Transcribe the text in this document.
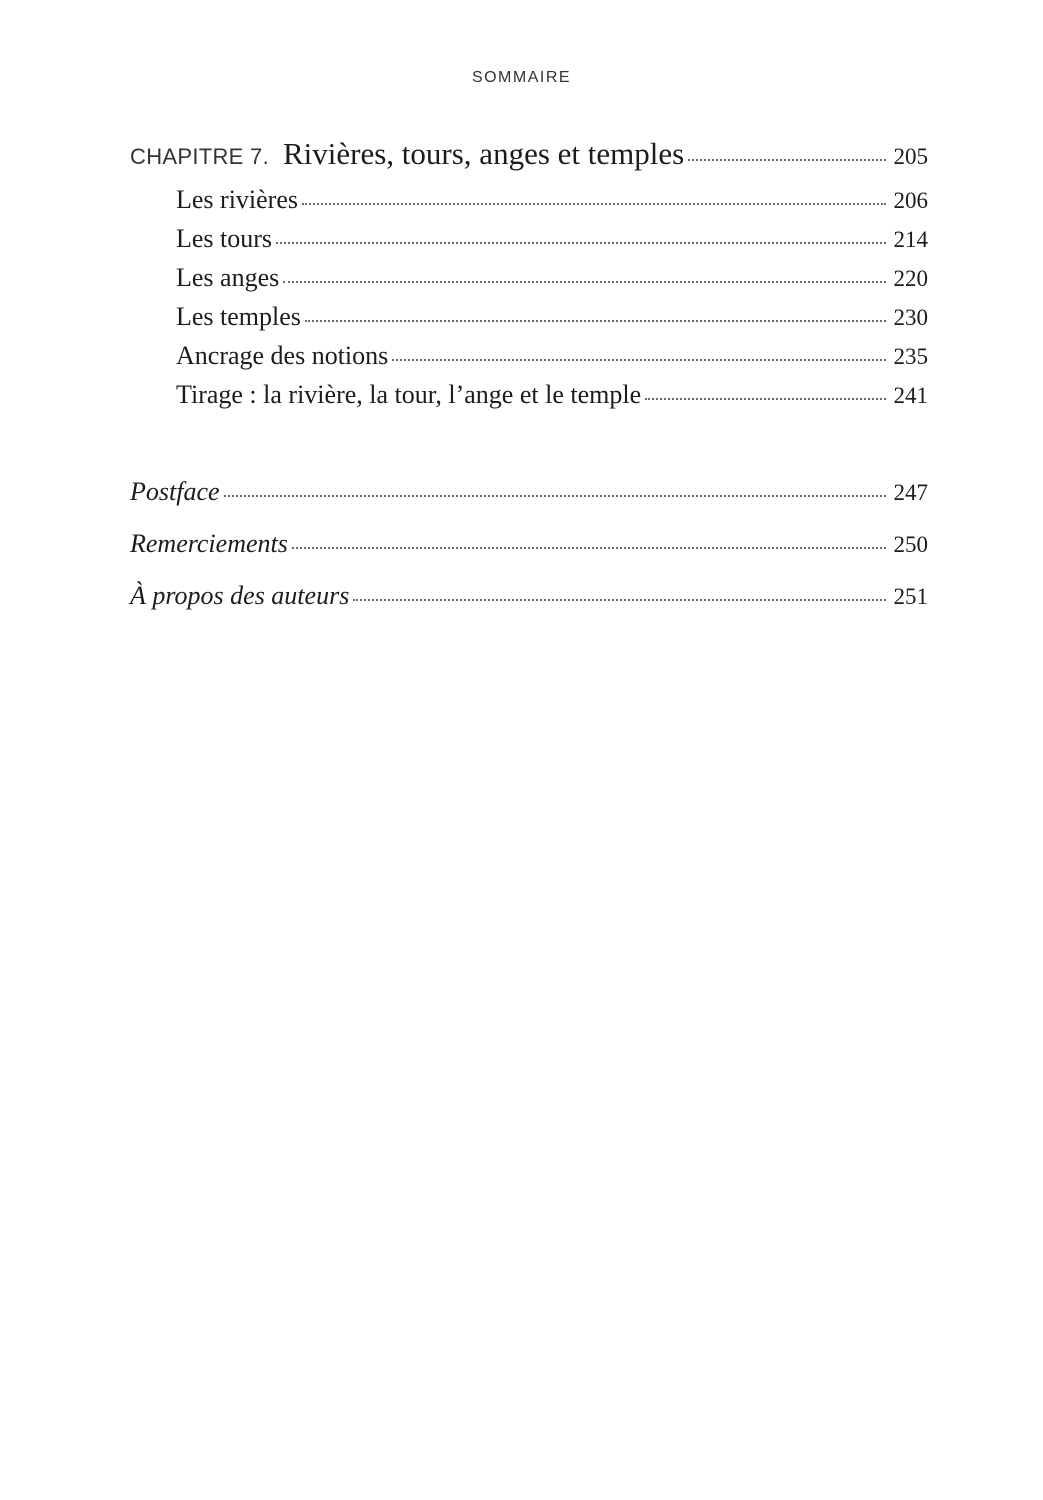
SOMMAIRE
CHAPITRE 7. Rivières, tours, anges et temples	205
Les rivières	206
Les tours	214
Les anges	220
Les temples	230
Ancrage des notions	235
Tirage : la rivière, la tour, l’ange et le temple	241
Postface	247
Remerciements	250
À propos des auteurs	251
